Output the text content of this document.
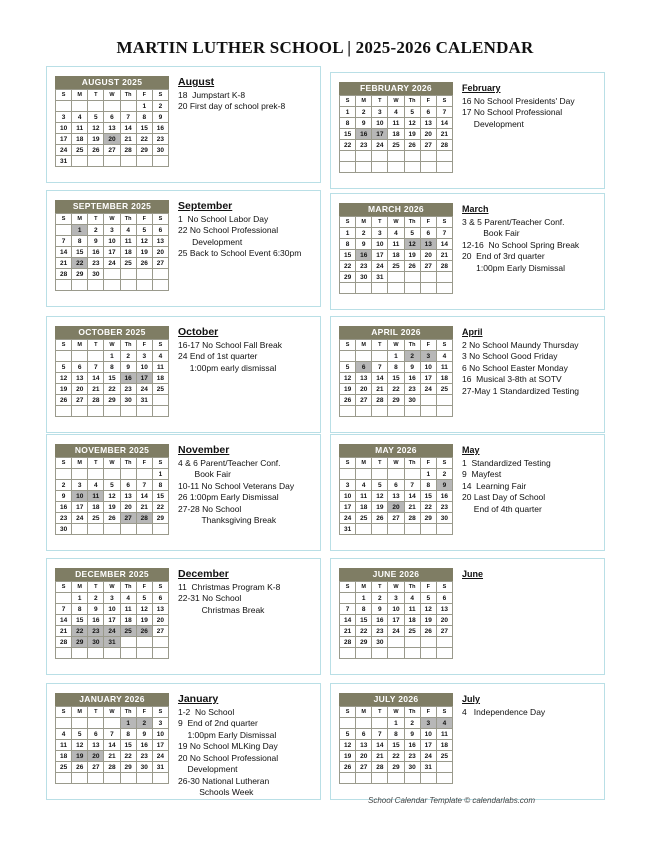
MARTIN LUTHER SCHOOL | 2025-2026 CALENDAR
AUGUST 2025
S	M	T	W	Th	F	S
					1	2
3	4	5	6	7	8	9
10	11	12	13	14	15	16
17	18	19	20	21	22	23
24	25	26	27	28	29	30
31						
August
18  Jumpstart K-8
20 First day of school prek-8
FEBRUARY 2026
S	M	T	W	Th	F	S
1	2	3	4	5	6	7
8	9	10	11	12	13	14
15	16	17	18	19	20	21
22	23	24	25	26	27	28

February
16 No School Presidents' Day
17 No School Professional
Development
SEPTEMBER 2025
S	M	T	W	Th	F	S
	1	2	3	4	5	6
7	8	9	10	11	12	13
14	15	16	17	18	19	20
21	22	23	24	25	26	27
28	29	30				

September
1  No School Labor Day
22 No School Professional
Development
25 Back to School Event 6:30pm
MARCH 2026
S	M	T	W	Th	F	S
1	2	3	4	5	6	7
8	9	10	11	12	13	14
15	16	17	18	19	20	21
22	23	24	25	26	27	28
29	30	31				

March
3 & 5 Parent/Teacher Conf.
Book Fair
12-16  No School Spring Break
20  End of 3rd quarter
1:00pm Early Dismissal
OCTOBER 2025
S	M	T	W	Th	F	S
			1	2	3	4
5	6	7	8	9	10	11
12	13	14	15	16	17	18
19	20	21	22	23	24	25
26	27	28	29	30	31	

October
16-17 No School Fall Break
24 End of 1st quarter
1:00pm early dismissal
APRIL 2026
S	M	T	W	Th	F	S
			1	2	3	4
5	6	7	8	9	10	11
12	13	14	15	16	17	18
19	20	21	22	23	24	25
26	27	28	29	30		

April
2 No School Maundy Thursday
3 No School Good Friday
6 No School Easter Monday
16  Musical 3-8th at SOTV
27-May 1 Standardized Testing
NOVEMBER 2025
S	M	T	W	Th	F	S
						1
2	3	4	5	6	7	8
9	10	11	12	13	14	15
16	17	18	19	20	21	22
23	24	25	26	27	28	29
30						
November
4 & 6 Parent/Teacher Conf.
Book Fair
10-11 No School Veterans Day
26 1:00pm Early Dismissal
27-28 No School
Thanksgiving Break
MAY 2026
S	M	T	W	Th	F	S
					1	2
3	4	5	6	7	8	9
10	11	12	13	14	15	16
17	18	19	20	21	22	23
24	25	26	27	28	29	30
31						
May
1  Standardized Testing
9  Mayfest
14  Learning Fair
20 Last Day of School
End of 4th quarter
DECEMBER 2025
S	M	T	W	Th	F	S
	1	2	3	4	5	6
7	8	9	10	11	12	13
14	15	16	17	18	19	20
21	22	23	24	25	26	27
28	29	30	31			

December
11  Christmas Program K-8
22-31 No School
Christmas Break
JUNE 2026
S	M	T	W	Th	F	S
	1	2	3	4	5	6
7	8	9	10	11	12	13
14	15	16	17	18	19	20
21	22	23	24	25	26	27
28	29	30				

June
JANUARY 2026
S	M	T	W	Th	F	S
				1	2	3
4	5	6	7	8	9	10
11	12	13	14	15	16	17
18	19	20	21	22	23	24
25	26	27	28	29	30	31

January
1-2  No School
9  End of 2nd quarter
1:00pm Early Dismissal
19 No School MLKing Day
20 No School Professional
Development
26-30 National Lutheran
Schools Week
JULY 2026
S	M	T	W	Th	F	S
			1	2	3	4
5	6	7	8	9	10	11
12	13	14	15	16	17	18
19	20	21	22	23	24	25
26	27	28	29	30	31	

July
4   Independence Day
School Calendar Template © calendarlabs.com
